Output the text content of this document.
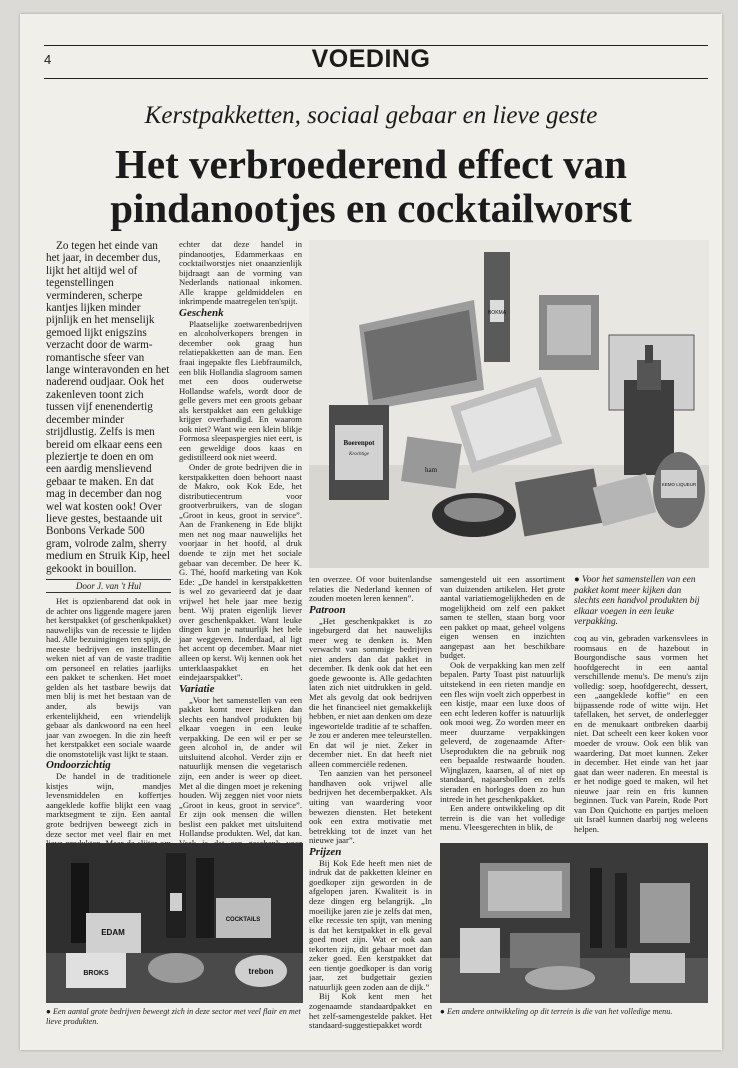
4	VOEDING
Kerstpakketten, sociaal gebaar en lieve geste
Het verbroederend effect van
pindanootjes en cocktailworst

Zo tegen het einde van het jaar, in december dus, lijkt het altijd wel of tegenstellingen verminderen, scherpe kantjes lijken minder pijnlijk en het menselijk gemoed lijkt enigszins verzacht door de warm-romantische sfeer van lange winteravonden en het naderend oudjaar. Ook het zakenleven toont zich tussen vijf enenendertig december minder strijdlustig. Zelfs is men bereid om elkaar eens een pleziertje te doen en om een aardig menslievend gebaar te maken. En dat mag in december dan nog wel wat kosten ook! Over lieve gestes, bestaande uit Bonbons Verkade 500 gram, volrode zalm, sherry medium en Struik Kip, heel gekookt in bouillon.

Door J. van 't Hul

Het is opzienbarend dat ook in de achter ons liggende magere jaren het kerstpakket (of geschenkpakket) nauwelijks van de recessie te lijden had. Alle bezuinigingen ten spijt, de meeste bedrijven en instellingen weken niet af van de vaste traditie om personeel en relaties jaarlijks een pakket te schenken. Het moet gelden als het tastbare bewijs dat men blij is met het bestaan van de ander, als bewijs van erkentelijkheid, een vriendelijk gebaar als dankwoord na een heel jaar van zwoegen. In die zin heeft het kerstpakket een sociale waarde die onomstotelijk vast lijkt te staan.

Ondoorzichtig

De handel in de traditionele kistjes wijn, mandjes levensmiddelen en koffertjes aangeklede koffie blijkt een vaag marktsegment te zijn. Een aantal grote bedrijven beweegt zich in deze sector met veel flair en met

echter dat deze handel in pindanootjes, Edammerkaas en cocktailworstjes niet onaanzienlijk bijdraagt aan de vorming van Nederlands nationaal inkomen. Alle krappe geldmiddelen en inkrimpende maatregelen ten'spijt.

Geschenk

Plaatselijke zoetwarenbedrijven en alcoholverkopers brengen in december ook graag hun relatiepakketten aan de man. Een fraai ingepakte fles Liebfraumilch, een blik Hollandia slagroom samen met een doos ouderwetse Hollandse wafels, wordt door de gelle gevers met een groots gebaar als kerstpakket aan een gelukkige krijger overhandigd. En waarom ook niet? Want wie een klein blikje Formosa sleepaspergies niet eert, is een geweldige doos kaas en gedistilleerd ook niet weerd.

Onder de grote bedrijven die in kerstpakketten doen behoort naast de Makro, ook Kok Ede, het distributiecentrum voor grootverbruikers, van de slogan „Groot in keus, groot in service”. Aan de Frankeneng in Ede blijkt men net nog maar nauwelijks het voorjaar in het hoofd, al druk doende te zijn met het sociale gebaar van december. De heer K. G. Thé, hoofd marketing van Kok Ede: „De handel in kerstpakketten is wel zo gevarieerd dat je daar vrijwel het hele jaar mee bezig bent. Wij praten eigenlijk liever over geschenkpakket. Want leuke dingen kun je natuurlijk het hele jaar weggeven. Inderdaad, al ligt het accent op december. Maar niet alleen op kerst. Wij kennen ook het unterklaaspakket en het eindejaarspakket”.

Variatie

„Voor het samenstellen van een pakket komt meer kijken dan slechts een handvol produkten bij elkaar voegen in een leuke verpakking. De een wil er per se geen alcohol in, de ander wil uitsluitend alcohol. Verder zijn er natuurlijk mensen die vegetarisch zijn, een ander is weer op dieet. Met al die dingen moet je rekening houden. Wij zeggen niet voor niets „Groot in keus, groot in service”. Er zijn ook mensen die willen beslist een pakket met uitsluitend Hollandse produkten. Wel, dat kan.

BOKMA
Boerenpot
Krachtige
ham
KEMO LIQUEUR

ten overzee. Of voor buitenlandse relaties die Nederland kennen of zouden moeten leren kennen”.

Patroon

„Het geschenkpakket is zo ingeburgerd dat het nauwelijks meer weg te denken is. Men verwacht van sommige bedrijven niet anders dan dat pakket in december. Ik denk ook dat het een goede gewoonte is. Alle gedachten laten zich niet uitdrukken in geld. Met als gevolg dat ook bedrijven die het financieel niet gemakkelijk hebben, er niet aan denken om deze ingewortelde traditie af te schaffen. Je zou er anderen mee teleurstellen. En dat wil je niet. Zeker in december niet. En dat heeft niet alleen commerciële redenen.

Ten aanzien van het personeel handhaven ook vrijwel alle bedrijven het decemberpakket. Als uiting van waardering voor bewezen diensten. Het betekent ook een extra motivatie met betrekking tot de inzet van het nieuwe jaar”.

Prijzen

Bij Kok Ede heeft men niet de indruk dat de pakketten kleiner en goedkoper zijn geworden in de afgelopen jaren. Kwaliteit is in deze dingen erg belangrijk. „In moeilijke jaren zie je zelfs dat men, elke recessie ten spijt, van mening is dat het kerstpakket in elk geval goed moet zijn. Wat er ook aan tekorten zijn, dit gebaar moet dan zeker goed. Een kerstpakket dat een tientje goedkoper is dan vorig jaar, zet budgettair gezien natuurlijk geen zoden aan de dijk.”

Bij Kok kent men het zogenaamde standaardpakket en het zelf-samengestelde pakket. Het standaard-suggestiepakket wordt

samengesteld uit een assortiment van duizenden artikelen. Het grote aantal variatiemogelijkheden en de mogelijkheid om zelf een pakket samen te stellen, staan borg voor een pakket op maat, geheel volgens eigen wensen en inzichten aangepast aan het beschikbare budget.

Ook de verpakking kan men zelf bepalen. Party Toast pist natuurlijk uitstekend in een rieten mandje en een fles wijn voelt zich opperbest in een kistje, maar een luxe doos of een echt lederen koffer is natuurlijk ook mooi weg. Zo worden meer en meer duurzame verpakkingen geleverd, de zogenaamde After-Useprodukten die na gebruik nog een bepaalde restwaarde houden. Wijnglazen, kaarsen, al of niet op standaard, najaarsbollen en zelfs sieraden en horloges doen zo hun intrede in het geschenkpakket.

Een andere ontwikkeling op dit terrein is die van het volledige menu. Vleesgerechten in blik, de

● Voor het samenstellen van een pakket komt meer kijken dan slechts een handvol produkten bij elkaar voegen in een leuke verpakking.

coq au vin, gebraden varkensvlees in roomsaus en de hazebout in Bourgondische saus vormen het hoofdgerecht in een aantal verschillende menu's. De menu's zijn volledig: soep, hoofdgerecht, dessert, een „aangeklede koffie” en een bijpassende rode of witte wijn. Het tafellaken, het servet, de onderlegger en de menukaart ontbreken daarbij niet. Dat scheelt een keer koken voor moeder de vrouw. Ook een blik van waardering. Dat moet kunnen. Zeker in december. Het einde van het jaar gaat dan weer naderen. En meestal is er het nodige goed te maken, wil het nieuwe jaar rein en fris kunnen beginnen. Tuck van Parein, Rode Port van Don Quichotte en partjes meloen uit Israël kunnen daarbij nog weleens helpen.

EDAM
COCKTAILS
BROKS	trebon
● Een aantal grote bedrijven beweegt zich in deze sector met veel flair en met lieve produkten.
● Een andere ontwikkeling op dit terrein is die van het volledige menu.
